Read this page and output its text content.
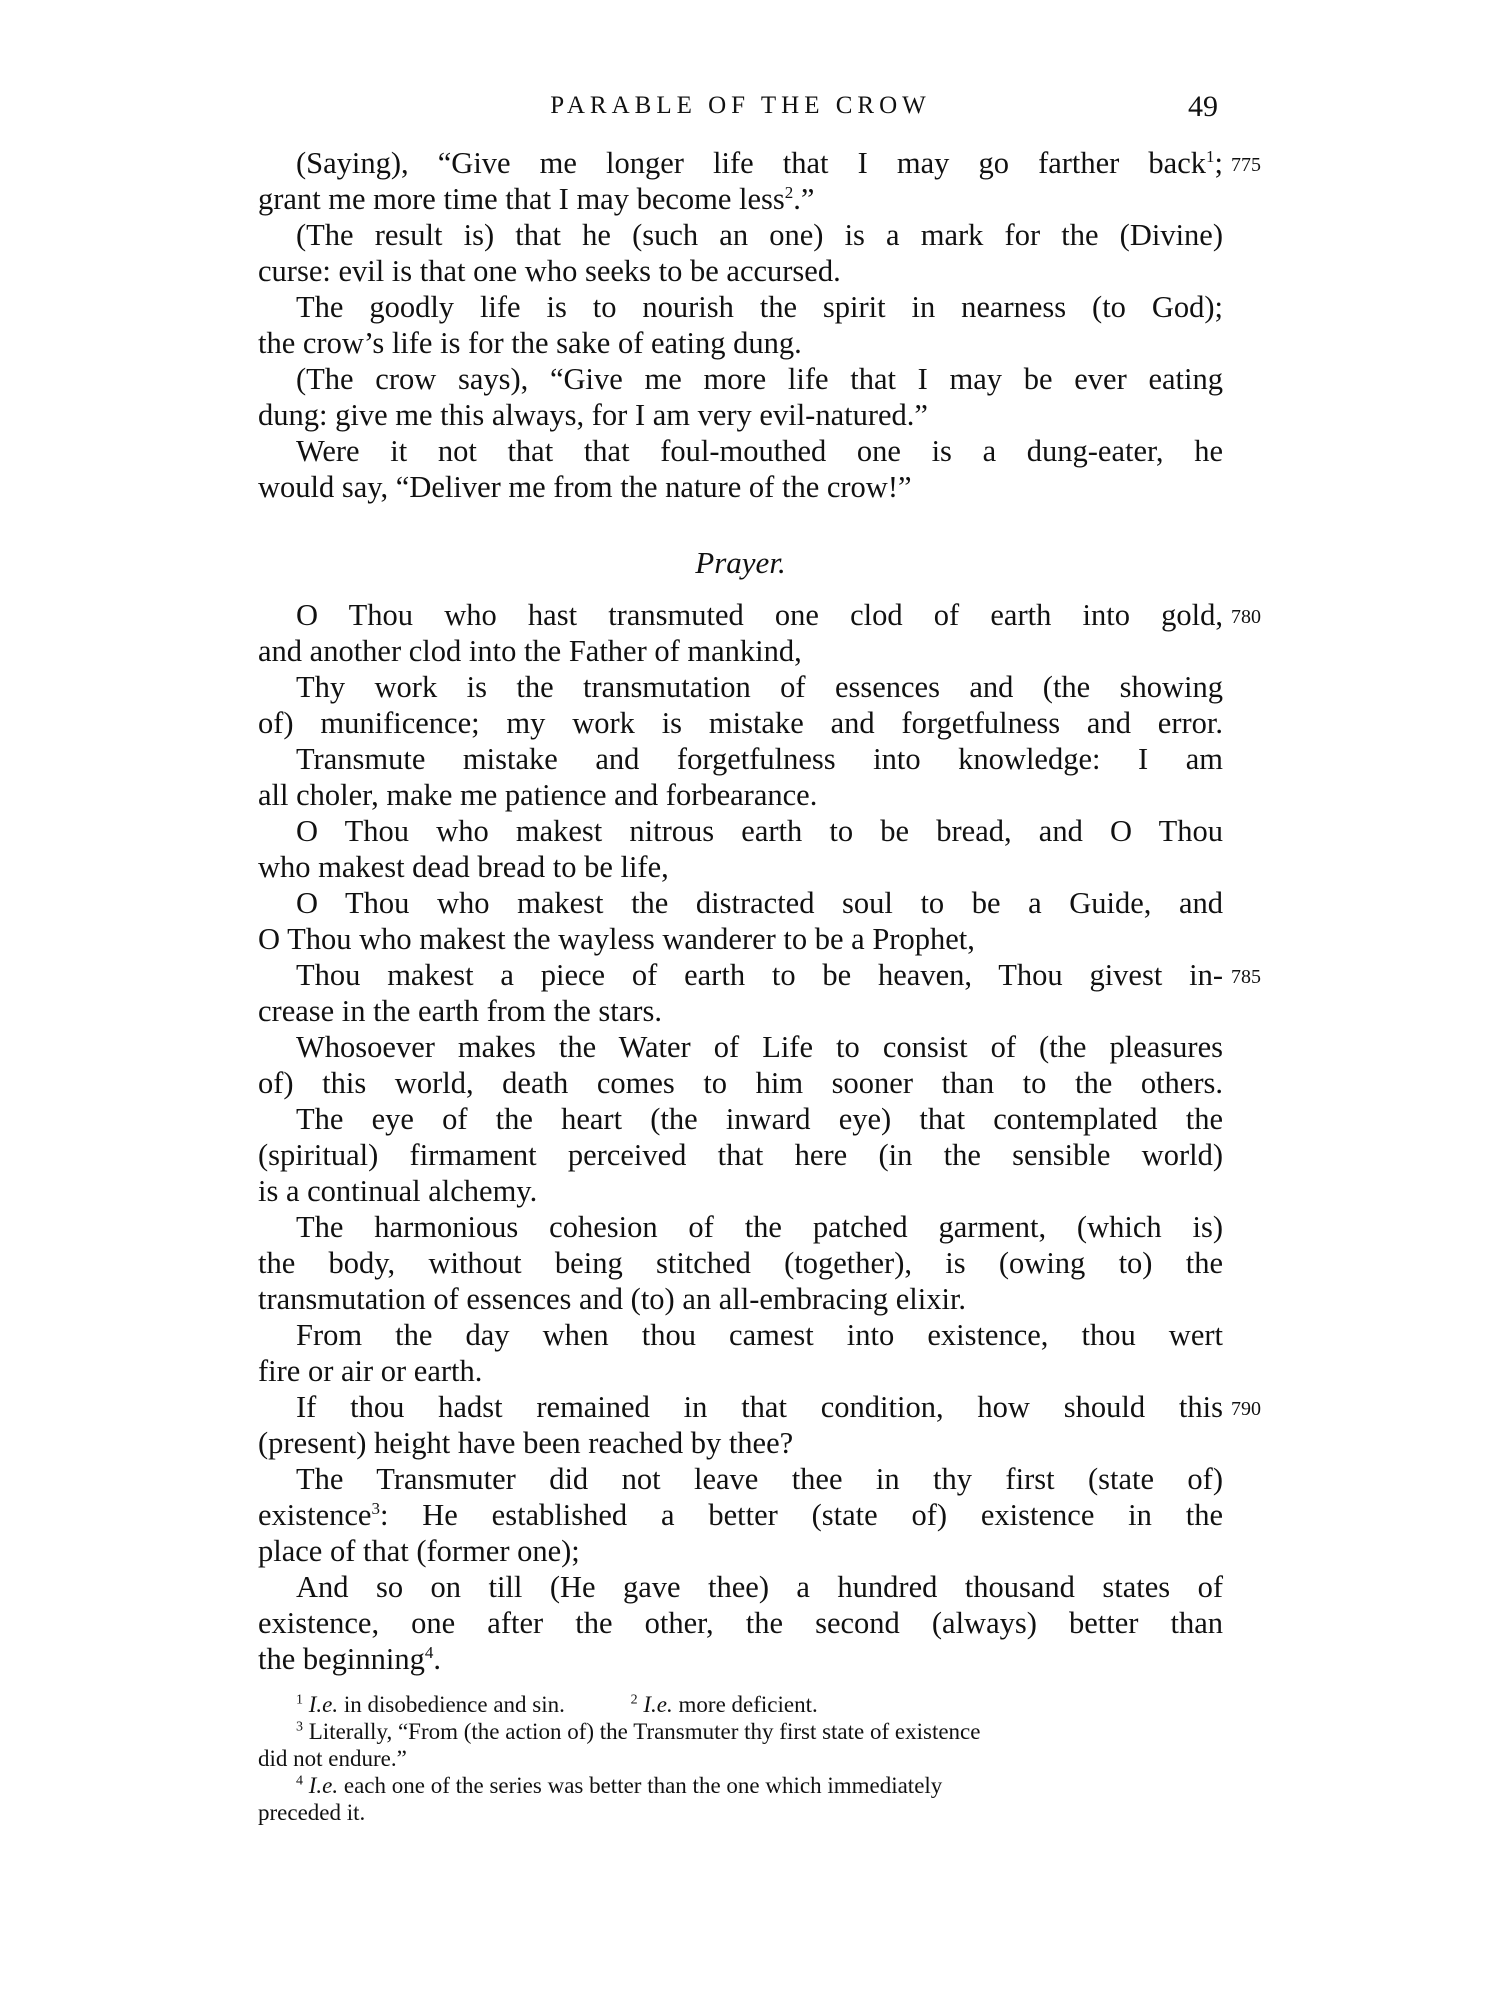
PARABLE OF THE CROW	49
(Saying), “Give me longer life that I may go farther back$^1$; 775
grant me more time that I may become less$^2$.”
(The result is) that he (such an one) is a mark for the (Divine)
curse: evil is that one who seeks to be accursed.
The goodly life is to nourish the spirit in nearness (to God);
the crow’s life is for the sake of eating dung.
(The crow says), “Give me more life that I may be ever eating
dung: give me this always, for I am very evil-natured.”
Were it not that that foul-mouthed one is a dung-eater, he
would say, “Deliver me from the nature of the crow!”
Prayer.
O Thou who hast transmuted one clod of earth into gold, 780
and another clod into the Father of mankind,
Thy work is the transmutation of essences and (the showing
of) munificence; my work is mistake and forgetfulness and error.
Transmute mistake and forgetfulness into knowledge: I am
all choler, make me patience and forbearance.
O Thou who makest nitrous earth to be bread, and O Thou
who makest dead bread to be life,
O Thou who makest the distracted soul to be a Guide, and
O Thou who makest the wayless wanderer to be a Prophet,
Thou makest a piece of earth to be heaven, Thou givest in- 785
crease in the earth from the stars.
Whosoever makes the Water of Life to consist of (the pleasures
of) this world, death comes to him sooner than to the others.
The eye of the heart (the inward eye) that contemplated the
(spiritual) firmament perceived that here (in the sensible world)
is a continual alchemy.
The harmonious cohesion of the patched garment, (which is)
the body, without being stitched (together), is (owing to) the
transmutation of essences and (to) an all-embracing elixir.
From the day when thou camest into existence, thou wert
fire or air or earth.
If thou hadst remained in that condition, how should this 790
(present) height have been reached by thee?
The Transmuter did not leave thee in thy first (state of)
existence$^3$: He established a better (state of) existence in the
place of that (former one);
And so on till (He gave thee) a hundred thousand states of
existence, one after the other, the second (always) better than
the beginning$^4$.
$^1$ I.e. in disobedience and sin.	$^2$ I.e. more deficient.
$^3$ Literally, “From (the action of) the Transmuter thy first state of existence
did not endure.”
$^4$ I.e. each one of the series was better than the one which immediately
preceded it.
